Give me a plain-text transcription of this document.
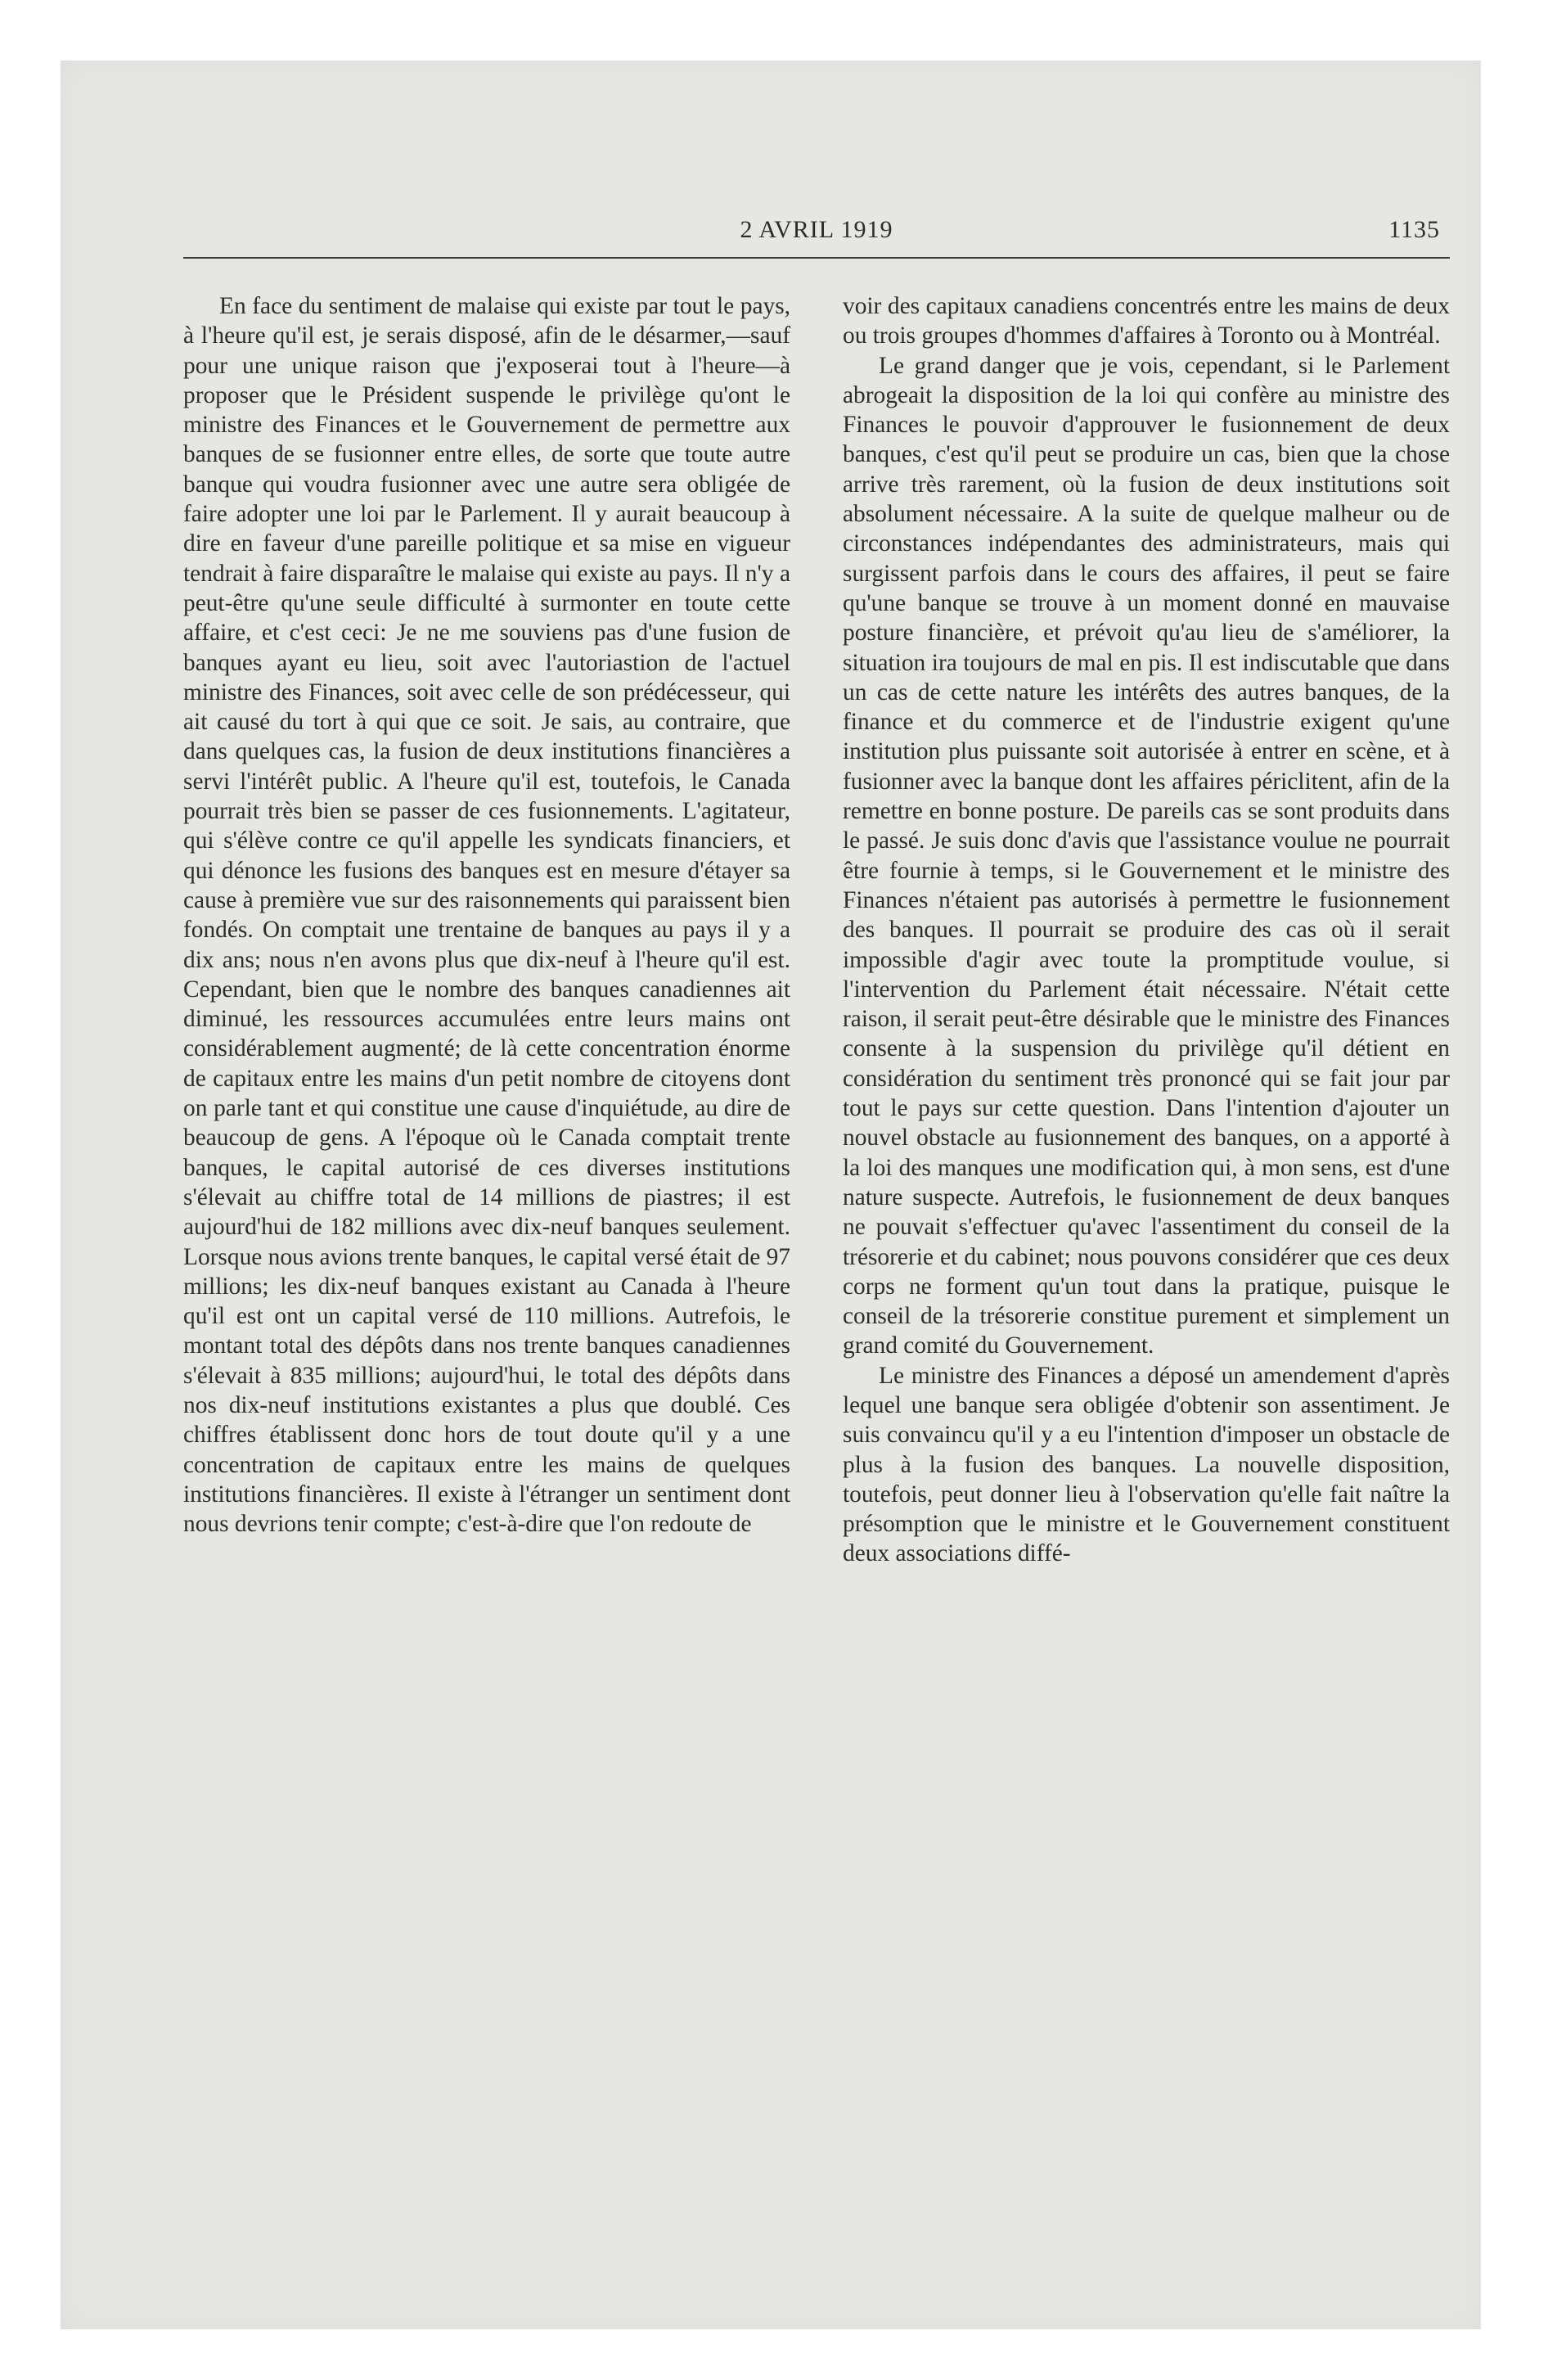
2 AVRIL 1919	1135

En face du sentiment de malaise qui existe par tout le pays, à l'heure qu'il est, je serais disposé, afin de le désarmer,—sauf pour une unique raison que j'exposerai tout à l'heure—à proposer que le Président suspende le privilège qu'ont le ministre des Finances et le Gouvernement de permettre aux banques de se fusionner entre elles, de sorte que toute autre banque qui voudra fusionner avec une autre sera obligée de faire adopter une loi par le Parlement. Il y aurait beaucoup à dire en faveur d'une pareille politique et sa mise en vigueur tendrait à faire disparaître le malaise qui existe au pays. Il n'y a peut-être qu'une seule difficulté à surmonter en toute cette affaire, et c'est ceci: Je ne me souviens pas d'une fusion de banques ayant eu lieu, soit avec l'autoriastion de l'actuel ministre des Finances, soit avec celle de son prédécesseur, qui ait causé du tort à qui que ce soit. Je sais, au contraire, que dans quelques cas, la fusion de deux institutions financières a servi l'intérêt public. A l'heure qu'il est, toutefois, le Canada pourrait très bien se passer de ces fusionnements. L'agitateur, qui s'élève contre ce qu'il appelle les syndicats financiers, et qui dénonce les fusions des banques est en mesure d'étayer sa cause à première vue sur des raisonnements qui paraissent bien fondés. On comptait une trentaine de banques au pays il y a dix ans; nous n'en avons plus que dix-neuf à l'heure qu'il est. Cependant, bien que le nombre des banques canadiennes ait diminué, les ressources accumulées entre leurs mains ont considérablement augmenté; de là cette concentration énorme de capitaux entre les mains d'un petit nombre de citoyens dont on parle tant et qui constitue une cause d'inquiétude, au dire de beaucoup de gens. A l'époque où le Canada comptait trente banques, le capital autorisé de ces diverses institutions s'élevait au chiffre total de 14 millions de piastres; il est aujourd'hui de 182 millions avec dix-neuf banques seulement. Lorsque nous avions trente banques, le capital versé était de 97 millions; les dix-neuf banques existant au Canada à l'heure qu'il est ont un capital versé de 110 millions. Autrefois, le montant total des dépôts dans nos trente banques canadiennes s'élevait à 835 millions; aujourd'hui, le total des dépôts dans nos dix-neuf institutions existantes a plus que doublé. Ces chiffres établissent donc hors de tout doute qu'il y a une concentration de capitaux entre les mains de quelques institutions financières. Il existe à l'étranger un sentiment dont nous devrions tenir compte; c'est-à-dire que l'on redoute de

voir des capitaux canadiens concentrés entre les mains de deux ou trois groupes d'hommes d'affaires à Toronto ou à Montréal.

Le grand danger que je vois, cependant, si le Parlement abrogeait la disposition de la loi qui confère au ministre des Finances le pouvoir d'approuver le fusionnement de deux banques, c'est qu'il peut se produire un cas, bien que la chose arrive très rarement, où la fusion de deux institutions soit absolument nécessaire. A la suite de quelque malheur ou de circonstances indépendantes des administrateurs, mais qui surgissent parfois dans le cours des affaires, il peut se faire qu'une banque se trouve à un moment donné en mauvaise posture financière, et prévoit qu'au lieu de s'améliorer, la situation ira toujours de mal en pis. Il est indiscutable que dans un cas de cette nature les intérêts des autres banques, de la finance et du commerce et de l'industrie exigent qu'une institution plus puissante soit autorisée à entrer en scène, et à fusionner avec la banque dont les affaires périclitent, afin de la remettre en bonne posture. De pareils cas se sont produits dans le passé. Je suis donc d'avis que l'assistance voulue ne pourrait être fournie à temps, si le Gouvernement et le ministre des Finances n'étaient pas autorisés à permettre le fusionnement des banques. Il pourrait se produire des cas où il serait impossible d'agir avec toute la promptitude voulue, si l'intervention du Parlement était nécessaire. N'était cette raison, il serait peut-être désirable que le ministre des Finances consente à la suspension du privilège qu'il détient en considération du sentiment très prononcé qui se fait jour par tout le pays sur cette question. Dans l'intention d'ajouter un nouvel obstacle au fusionnement des banques, on a apporté à la loi des manques une modification qui, à mon sens, est d'une nature suspecte. Autrefois, le fusionnement de deux banques ne pouvait s'effectuer qu'avec l'assentiment du conseil de la trésorerie et du cabinet; nous pouvons considérer que ces deux corps ne forment qu'un tout dans la pratique, puisque le conseil de la trésorerie constitue purement et simplement un grand comité du Gouvernement.

Le ministre des Finances a déposé un amendement d'après lequel une banque sera obligée d'obtenir son assentiment. Je suis convaincu qu'il y a eu l'intention d'imposer un obstacle de plus à la fusion des banques. La nouvelle disposition, toutefois, peut donner lieu à l'observation qu'elle fait naître la présomption que le ministre et le Gouvernement constituent deux associations diffé-
